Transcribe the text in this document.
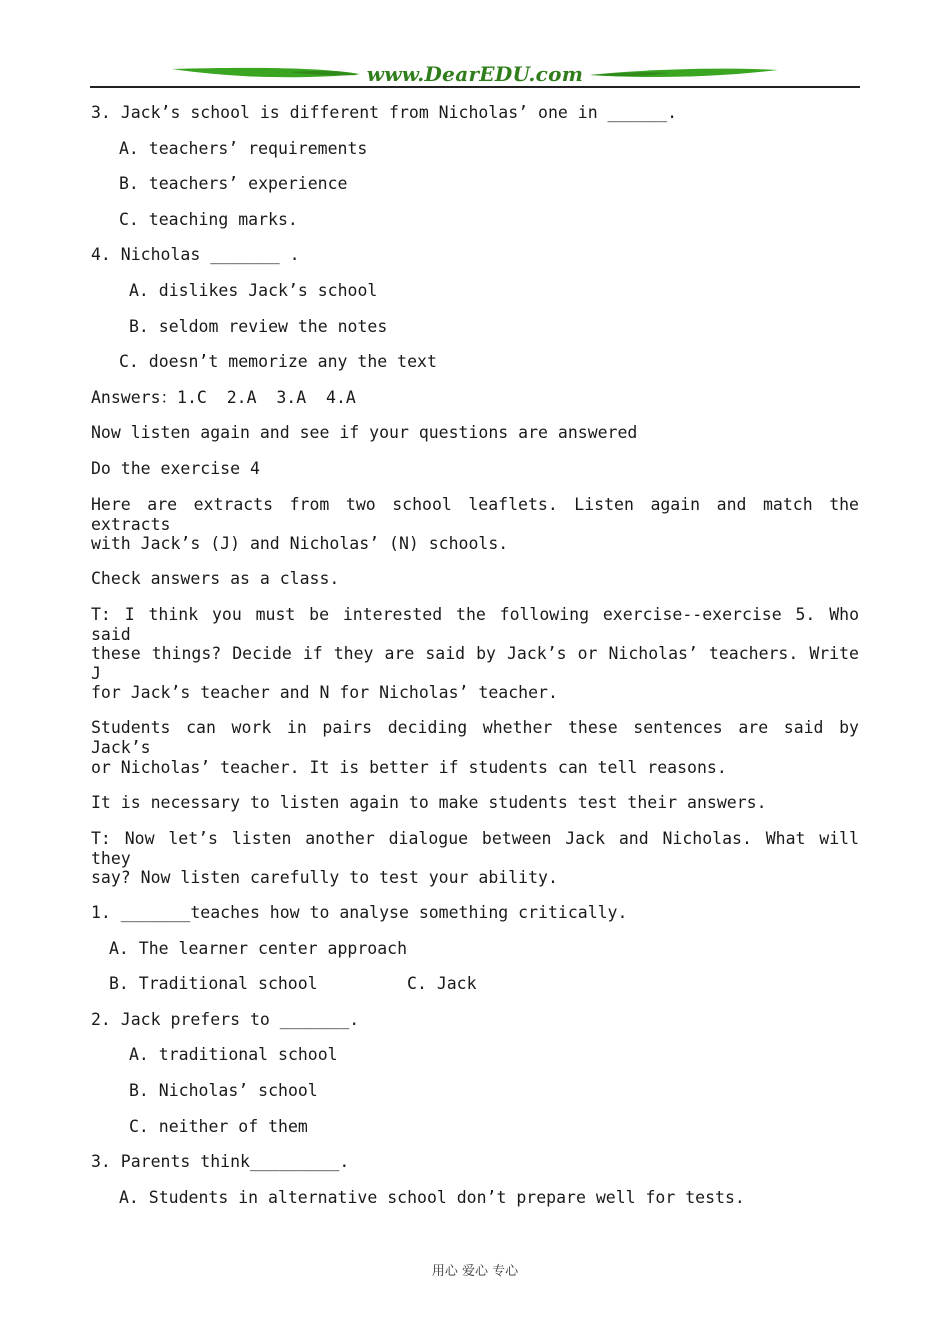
www.DearEDU.com
3. Jack’s school is different from Nicholas’ one in ______.
A. teachers’ requirements
B. teachers’ experience
C. teaching marks.
4. Nicholas _______ .
A. dislikes Jack’s school
B. seldom review the notes
C. doesn’t memorize any the text
Answers：1.C  2.A  3.A  4.A
Now listen again and see if your questions are answered
Do the exercise 4
Here are extracts from two school leaflets. Listen again and match the extracts
with Jack’s (J) and Nicholas’ (N) schools.
Check answers as a class.
T: I think you must be interested the following exercise--exercise 5. Who said
these things? Decide if they are said by Jack’s or Nicholas’ teachers. Write J
for Jack’s teacher and N for Nicholas’ teacher.
Students can work in pairs deciding whether these sentences are said by Jack’s
or Nicholas’ teacher. It is better if students can tell reasons.
It is necessary to listen again to make students test their answers.
T: Now let’s listen another dialogue between Jack and Nicholas. What will they
say? Now listen carefully to test your ability.
1. _______teaches how to analyse something critically.
A. The learner center approach
B. Traditional school         C. Jack
2. Jack prefers to _______.
A. traditional school
B. Nicholas’ school
C. neither of them
3. Parents think_________.
A. Students in alternative school don’t prepare well for tests.
用心 爱心 专心
